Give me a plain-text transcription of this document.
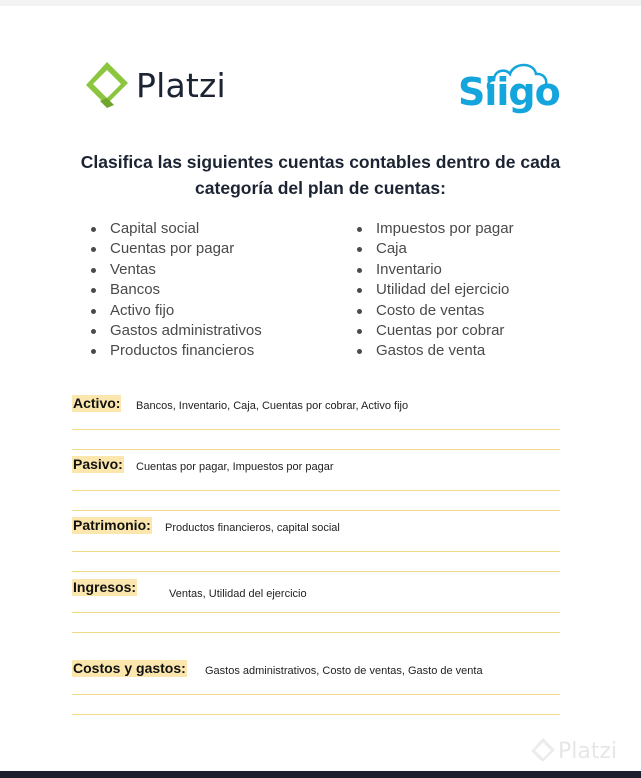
Platzi	Siigo
Clasifica las siguientes cuentas contables dentro de cada
categoría del plan de cuentas:
Capital social
Cuentas por pagar
Ventas
Bancos
Activo fijo
Gastos administrativos
Productos financieros
Impuestos por pagar
Caja
Inventario
Utilidad del ejercicio
Costo de ventas
Cuentas por cobrar
Gastos de venta
Activo: Bancos, Inventario, Caja, Cuentas por cobrar, Activo fijo
Pasivo: Cuentas por pagar, Impuestos por pagar
Patrimonio: Productos financieros, capital social
Ingresos:	Ventas, Utilidad del ejercicio
Costos y gastos: Gastos administrativos, Costo de ventas, Gasto de venta
Platzi
